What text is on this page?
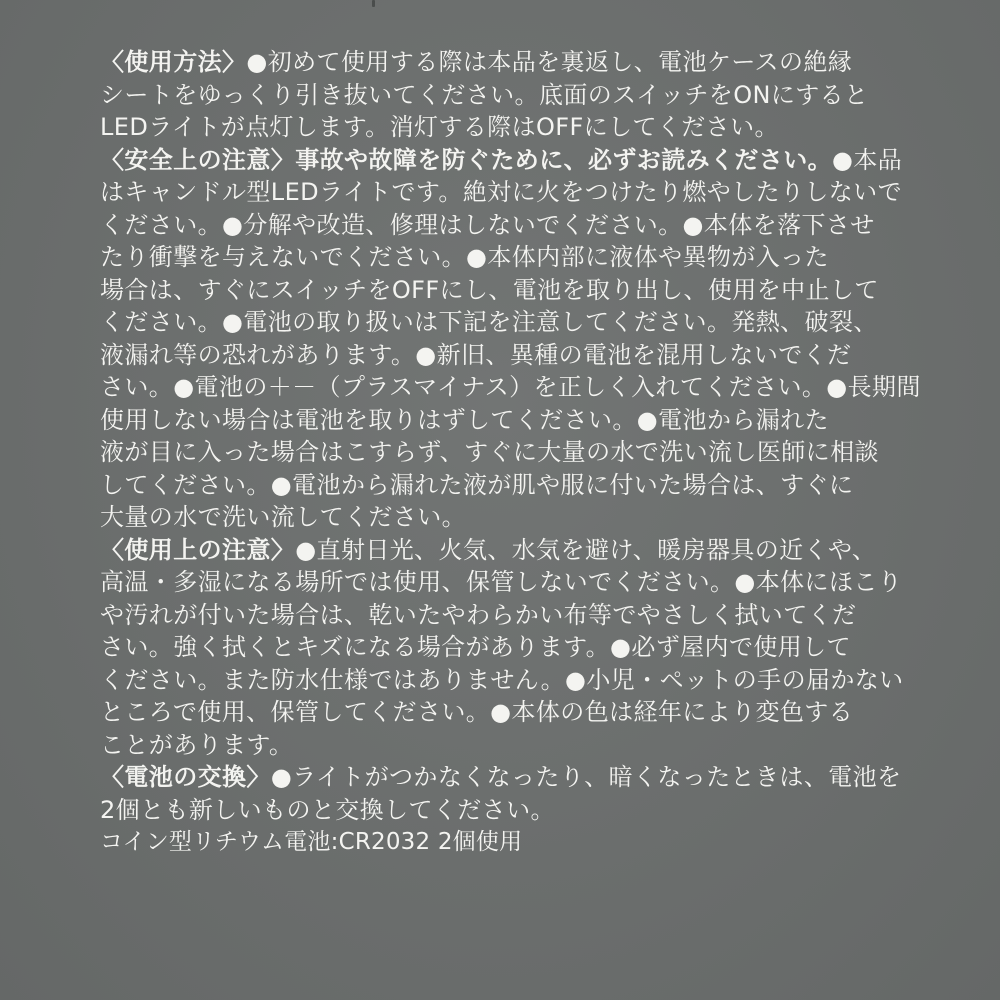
〈使用方法〉●初めて使用する際は本品を裏返し、電池ケースの絶縁
シートをゆっくり引き抜いてください。底面のスイッチをONにすると
LEDライトが点灯します。消灯する際はOFFにしてください。
〈安全上の注意〉事故や故障を防ぐために、必ずお読みください。●本品
はキャンドル型LEDライトです。絶対に火をつけたり燃やしたりしないで
ください。●分解や改造、修理はしないでください。●本体を落下させ
たり衝撃を与えないでください。●本体内部に液体や異物が入った
場合は、すぐにスイッチをOFFにし、電池を取り出し、使用を中止して
ください。●電池の取り扱いは下記を注意してください。発熱、破裂、
液漏れ等の恐れがあります。●新旧、異種の電池を混用しないでくだ
さい。●電池の＋－（プラスマイナス）を正しく入れてください。●長期間
使用しない場合は電池を取りはずしてください。●電池から漏れた
液が目に入った場合はこすらず、すぐに大量の水で洗い流し医師に相談
してください。●電池から漏れた液が肌や服に付いた場合は、すぐに
大量の水で洗い流してください。
〈使用上の注意〉●直射日光、火気、水気を避け、暖房器具の近くや、
高温・多湿になる場所では使用、保管しないでください。●本体にほこり
や汚れが付いた場合は、乾いたやわらかい布等でやさしく拭いてくだ
さい。強く拭くとキズになる場合があります。●必ず屋内で使用して
ください。また防水仕様ではありません。●小児・ペットの手の届かない
ところで使用、保管してください。●本体の色は経年により変色する
ことがあります。
〈電池の交換〉●ライトがつかなくなったり、暗くなったときは、電池を
2個とも新しいものと交換してください。
コイン型リチウム電池:CR2032 2個使用
